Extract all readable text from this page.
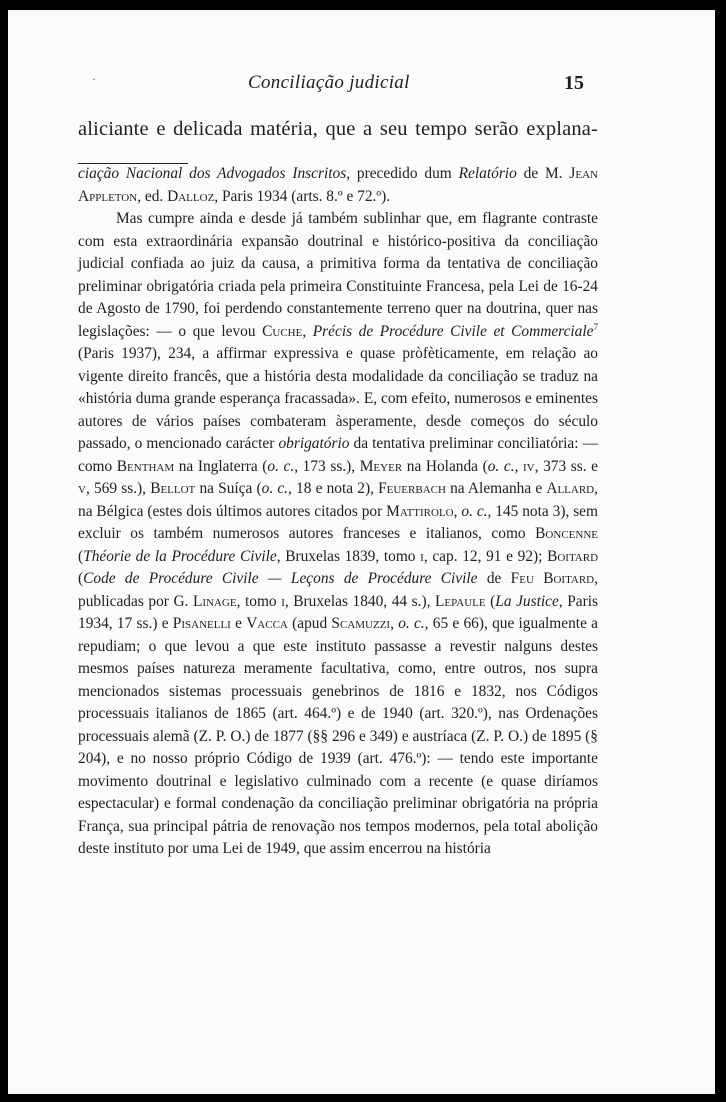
·	Conciliação judicial	15
aliciante e delicada matéria, que a seu tempo serão explana-

ciação Nacional dos Advogados Inscritos, precedido dum Relatório de M. Jean Appleton, ed. Dalloz, Paris 1934 (arts. 8.º e 72.º).

Mas cumpre ainda e desde já também sublinhar que, em flagrante contraste com esta extraordinária expansão doutrinal e histórico-positiva da conciliação judicial confiada ao juiz da causa, a primitiva forma da tentativa de conciliação preliminar obrigatória criada pela primeira Constituinte Francesa, pela Lei de 16-24 de Agosto de 1790, foi perdendo constantemente terreno quer na doutrina, quer nas legislações: — o que levou Cuche, Précis de Procédure Civile et Commerciale$^7$ (Paris 1937), 234, a affirmar expressiva e quase pròfèticamente, em relação ao vigente direito francês, que a história desta modalidade da conciliação se traduz na «história duma grande esperança fracassada». E, com efeito, numerosos e eminentes autores de vários países combateram àsperamente, desde começos do século passado, o mencionado carácter obrigatório da tentativa preliminar conciliatória: — como Bentham na Inglaterra (o. c., 173 ss.), Meyer na Holanda (o. c., iv, 373 ss. e v, 569 ss.), Bellot na Suíça (o. c., 18 e nota 2), Feuerbach na Alemanha e Allard, na Bélgica (estes dois últimos autores citados por Mattirolo, o. c., 145 nota 3), sem excluir os também numerosos autores franceses e italianos, como Boncenne (Théorie de la Procédure Civile, Bruxelas 1839, tomo i, cap. 12, 91 e 92); Boitard (Code de Procédure Civile — Leçons de Procédure Civile de Feu Boitard, publicadas por G. Linage, tomo i, Bruxelas 1840, 44 s.), Lepaule (La Justice, Paris 1934, 17 ss.) e Pisanelli e Vacca (apud Scamuzzi, o. c., 65 e 66), que igualmente a repudiam; o que levou a que este instituto passasse a revestir nalguns destes mesmos países natureza meramente facultativa, como, entre outros, nos supra mencionados sistemas processuais genebrinos de 1816 e 1832, nos Códigos processuais italianos de 1865 (art. 464.º) e de 1940 (art. 320.º), nas Ordenações processuais alemã (Z. P. O.) de 1877 (§§ 296 e 349) e austríaca (Z. P. O.) de 1895 (§ 204), e no nosso próprio Código de 1939 (art. 476.º): — tendo este importante movimento doutrinal e legislativo culminado com a recente (e quase diríamos espectacular) e formal condenação da conciliação preliminar obrigatória na própria França, sua principal pátria de renovação nos tempos modernos, pela total abolição deste instituto por uma Lei de 1949, que assim encerrou na história
